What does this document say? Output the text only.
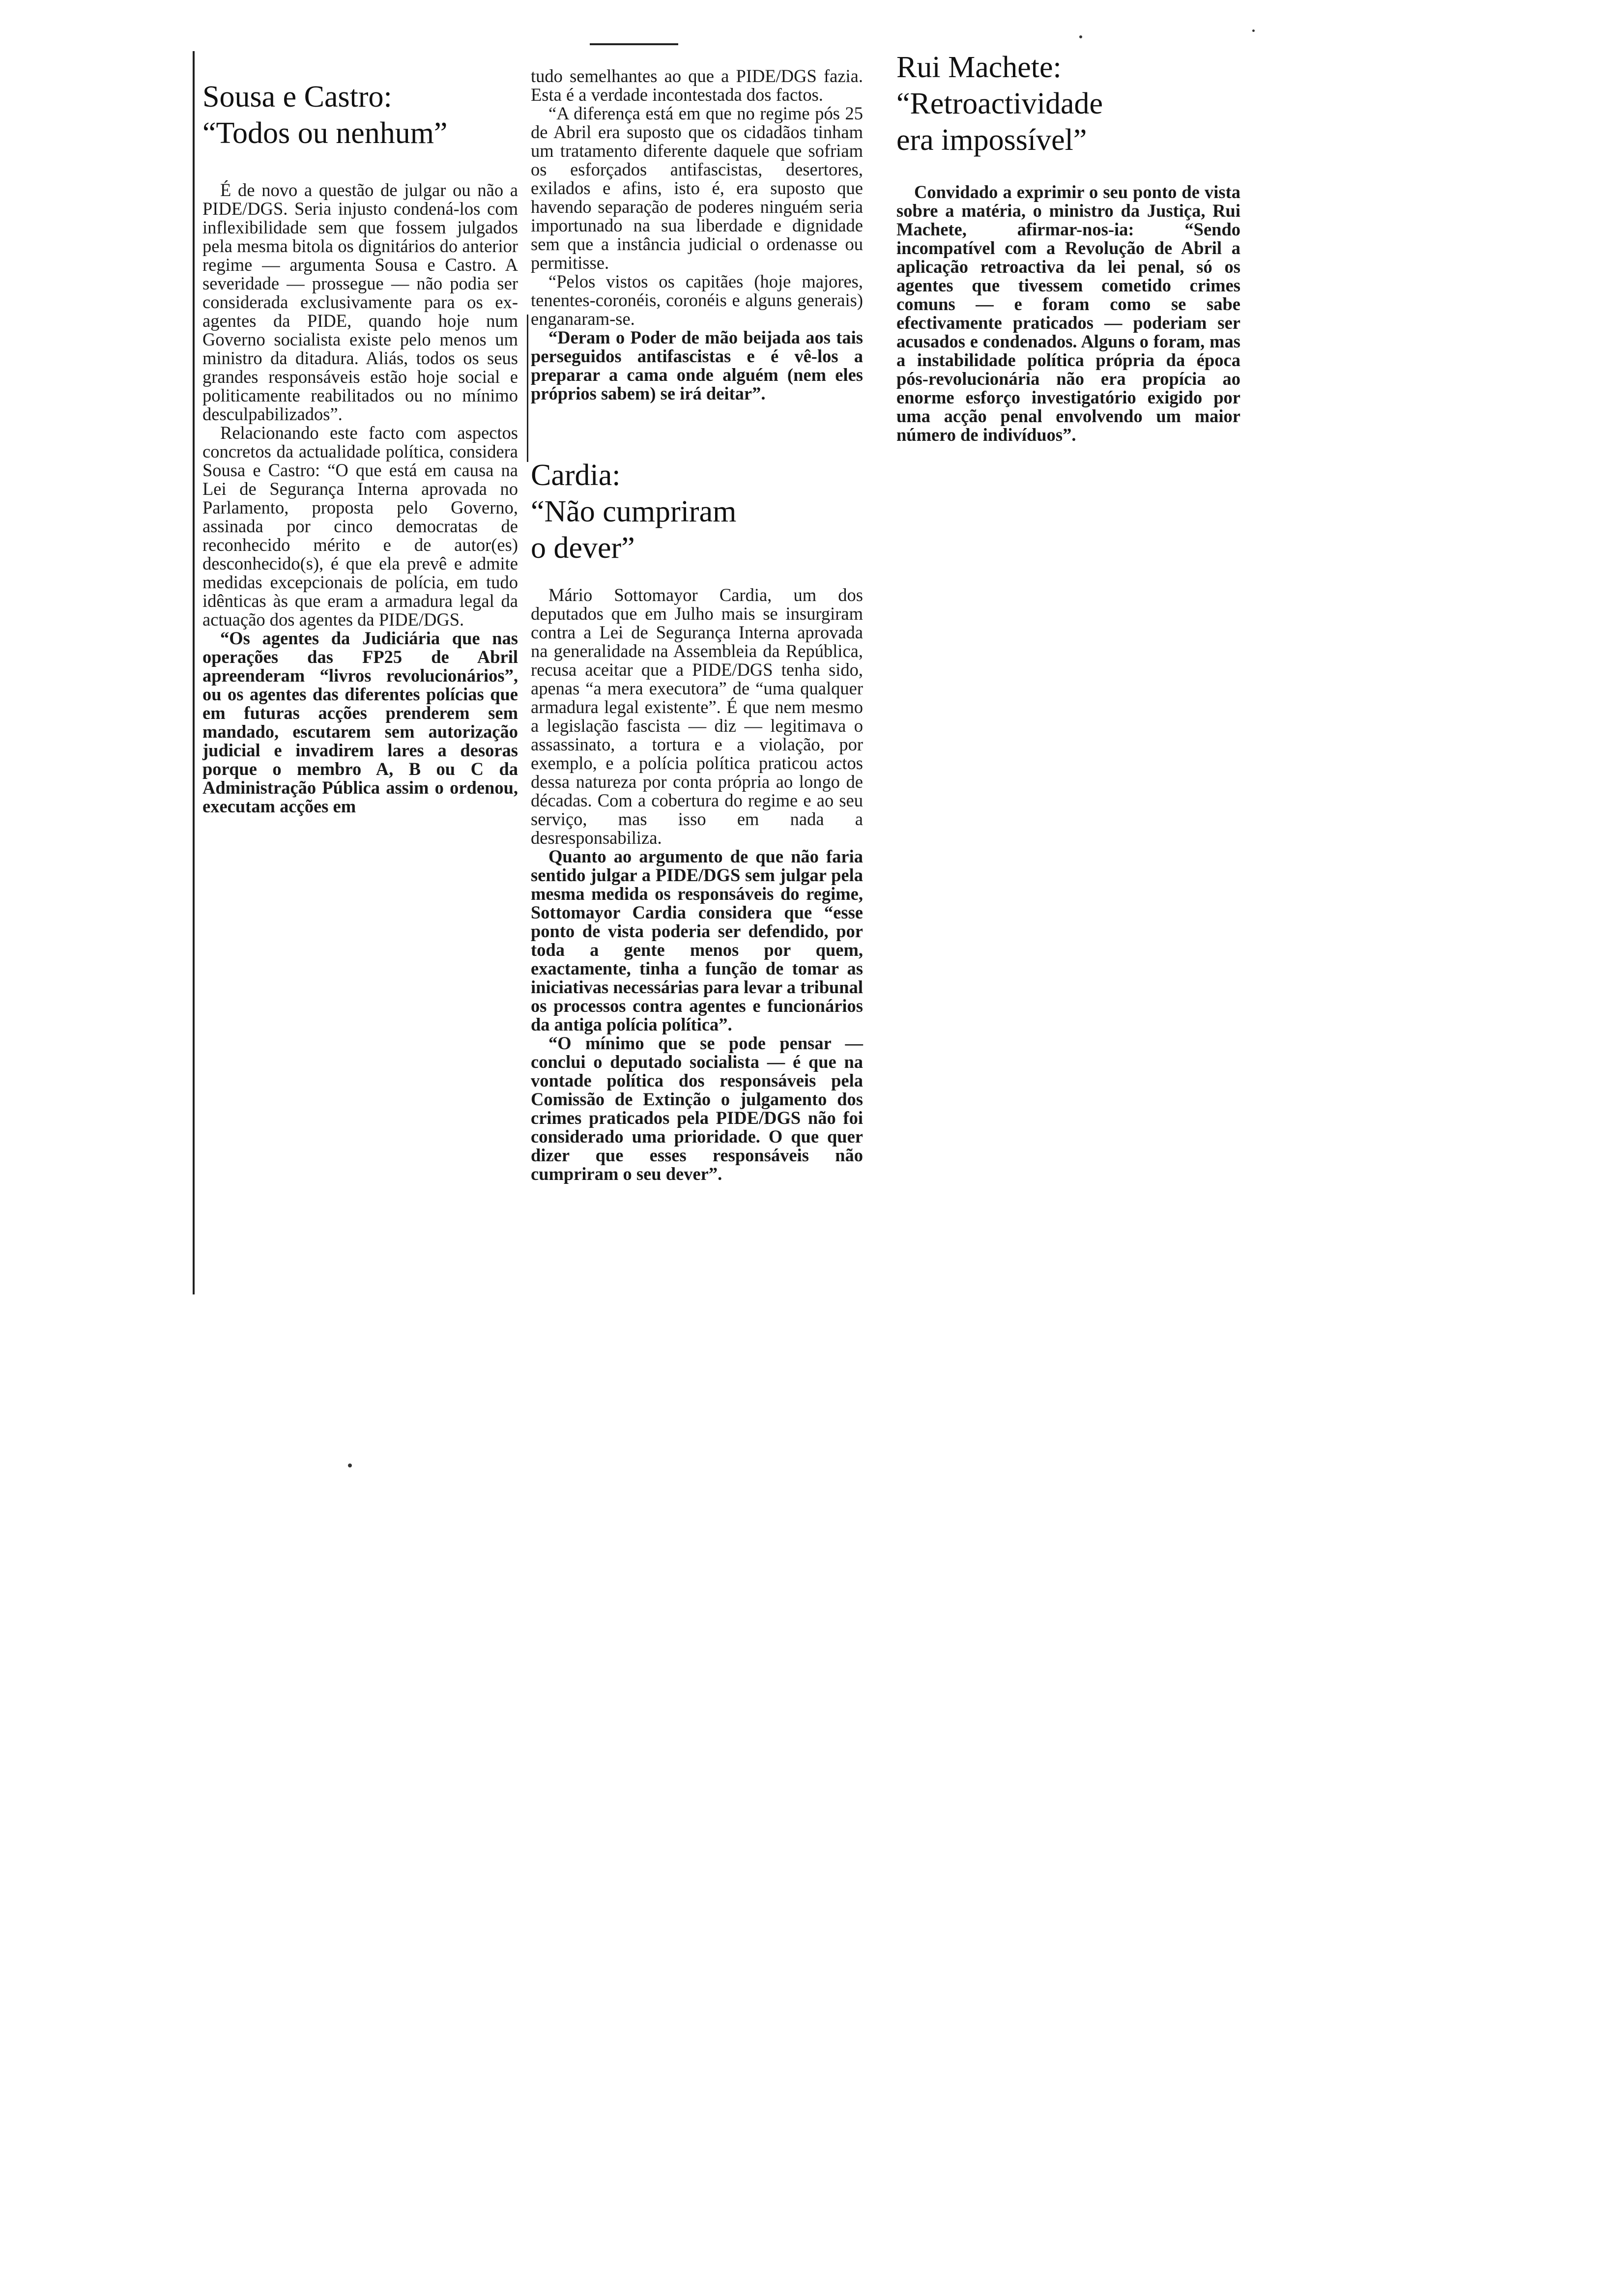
Sousa e Castro:
“Todos ou nenhum”

É de novo a questão de julgar ou não a PIDE/DGS. Seria injusto condená-los com inflexibilidade sem que fossem julgados pela mesma bitola os dignitários do anterior regime — argumenta Sousa e Castro. A severidade — prossegue — não podia ser considerada exclusivamente para os ex-agentes da PIDE, quando hoje num Governo socialista existe pelo menos um ministro da ditadura. Aliás, todos os seus grandes responsáveis estão hoje social e politicamente reabilitados ou no mínimo desculpabilizados”.

Relacionando este facto com aspectos concretos da actualidade política, considera Sousa e Castro: “O que está em causa na Lei de Segurança Interna aprovada no Parlamento, proposta pelo Governo, assinada por cinco democratas de reconhecido mérito e de autor(es) desconhecido(s), é que ela prevê e admite medidas excepcionais de polícia, em tudo idênticas às que eram a armadura legal da actuação dos agentes da PIDE/DGS.

“Os agentes da Judiciária que nas operações das FP25 de Abril apreenderam “livros revolucionários”, ou os agentes das diferentes polícias que em futuras acções prenderem sem mandado, escutarem sem autorização judicial e invadirem lares a desoras porque o membro A, B ou C da Administração Pública assim o ordenou, executam acções em

tudo semelhantes ao que a PIDE/DGS fazia. Esta é a verdade incontestada dos factos.

“A diferença está em que no regime pós 25 de Abril era suposto que os cidadãos tinham um tratamento diferente daquele que sofriam os esforçados antifascistas, desertores, exilados e afins, isto é, era suposto que havendo separação de poderes ninguém seria importunado na sua liberdade e dignidade sem que a instância judicial o ordenasse ou permitisse.

“Pelos vistos os capitães (hoje majores, tenentes-coronéis, coronéis e alguns generais) enganaram-se.

“Deram o Poder de mão beijada aos tais perseguidos antifascistas e é vê-los a preparar a cama onde alguém (nem eles próprios sabem) se irá deitar”.

Cardia:
“Não cumpriram
o dever”

Mário Sottomayor Cardia, um dos deputados que em Julho mais se insurgiram contra a Lei de Segurança Interna aprovada na generalidade na Assembleia da República, recusa aceitar que a PIDE/DGS tenha sido, apenas “a mera executora” de “uma qualquer armadura legal existente”. É que nem mesmo a legislação fascista — diz — legitimava o assassinato, a tortura e a violação, por exemplo, e a polícia política praticou actos dessa natureza por conta própria ao longo de décadas. Com a cobertura do regime e ao seu serviço, mas isso em nada a desresponsabiliza.

Quanto ao argumento de que não faria sentido julgar a PIDE/DGS sem julgar pela mesma medida os responsáveis do regime, Sottomayor Cardia considera que “esse ponto de vista poderia ser defendido, por toda a gente menos por quem, exactamente, tinha a função de tomar as iniciativas necessárias para levar a tribunal os processos contra agentes e funcionários da antiga polícia política”.

“O mínimo que se pode pensar — conclui o deputado socialista — é que na vontade política dos responsáveis pela Comissão de Extinção o julgamento dos crimes praticados pela PIDE/DGS não foi considerado uma prioridade. O que quer dizer que esses responsáveis não cumpriram o seu dever”.

Rui Machete:
“Retroactividade
era impossível”

Convidado a exprimir o seu ponto de vista sobre a matéria, o ministro da Justiça, Rui Machete, afirmar-nos-ia: “Sendo incompatível com a Revolução de Abril a aplicação retroactiva da lei penal, só os agentes que tivessem cometido crimes comuns — e foram como se sabe efectivamente praticados — poderiam ser acusados e condenados. Alguns o foram, mas a instabilidade política própria da época pós-revolucionária não era propícia ao enorme esforço investigatório exigido por uma acção penal envolvendo um maior número de indivíduos”.
